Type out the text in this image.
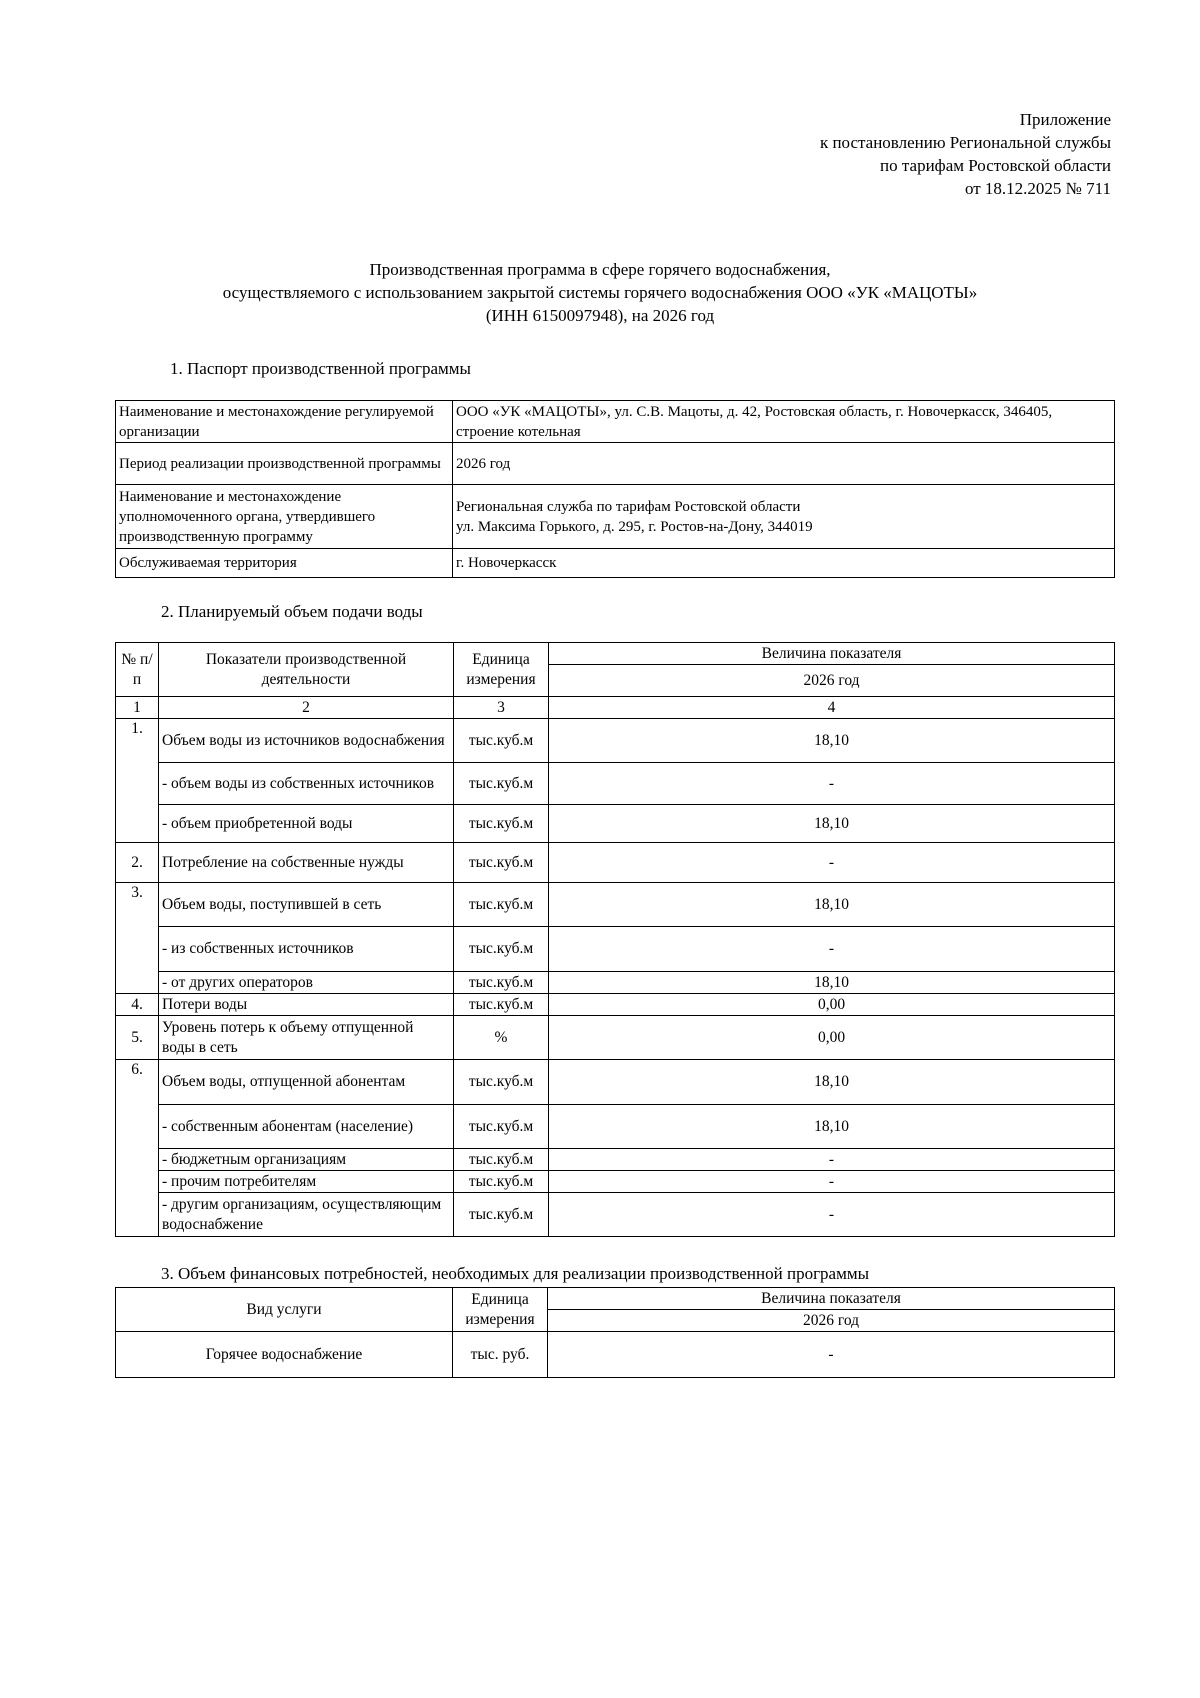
Приложение
к постановлению Региональной службы
по тарифам Ростовской области
от 18.12.2025 № 711
Производственная программа в сфере горячего водоснабжения,
осуществляемого с использованием закрытой системы горячего водоснабжения ООО «УК «МАЦОТЫ»
(ИНН 6150097948), на 2026 год
1. Паспорт производственной программы
Наименование и местонахождение регулируемой организации	ООО «УК «МАЦОТЫ», ул. С.В. Мацоты, д. 42, Ростовская область, г. Новочеркасск, 346405, строение котельная
Период реализации производственной программы	2026 год
Наименование и местонахождение уполномоченного органа, утвердившего производственную программу	Региональная служба по тарифам Ростовской области
ул. Максима Горького, д. 295, г. Ростов-на-Дону, 344019

Обслуживаемая территория	г. Новочеркасск
2. Планируемый объем подачи воды
№ п/п	Показатели производственной деятельности	Единица измерения	Величина показателя
			2026 год
1	2	3	4
1.	Объем воды из источников водоснабжения	тыс.куб.м	18,10
	- объем воды из собственных источников	тыс.куб.м	-
	- объем приобретенной воды	тыс.куб.м	18,10
2.	Потребление на собственные нужды	тыс.куб.м	-
3.	Объем воды, поступившей в сеть	тыс.куб.м	18,10
	- из собственных источников	тыс.куб.м	-
	- от других операторов	тыс.куб.м	18,10
4.	Потери воды	тыс.куб.м	0,00
5.	Уровень потерь к объему отпущенной воды в сеть	%	0,00
6.	Объем воды, отпущенной абонентам	тыс.куб.м	18,10
	- собственным абонентам (население)	тыс.куб.м	18,10
	- бюджетным организациям	тыс.куб.м	-
	- прочим потребителям	тыс.куб.м	-
	- другим организациям, осуществляющим водоснабжение	тыс.куб.м	-
3. Объем финансовых потребностей, необходимых для реализации производственной программы
Вид услуги	Единица измерения	Величина показателя
		2026 год
Горячее водоснабжение	тыс. руб.	-
